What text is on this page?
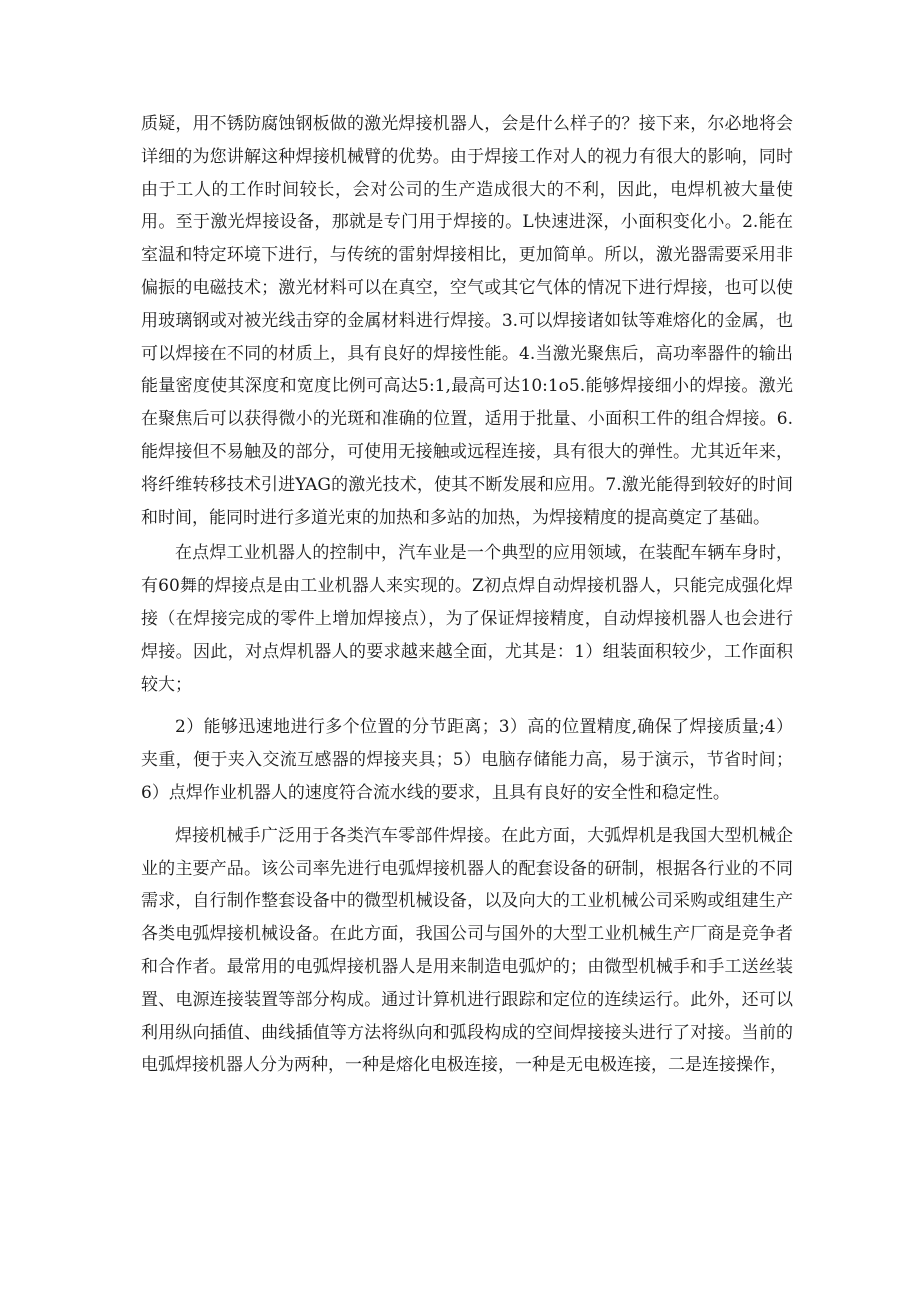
质疑，用不锈防腐蚀钢板做的激光焊接机器人，会是什么样子的？接下来，尔必地将会详细的为您讲解这种焊接机械臂的优势。由于焊接工作对人的视力有很大的影响，同时由于工人的工作时间较长，会对公司的生产造成很大的不利，因此，电焊机被大量使用。至于激光焊接设备，那就是专门用于焊接的。L快速进深，小面积变化小。2.能在室温和特定环境下进行，与传统的雷射焊接相比，更加简单。所以，激光器需要采用非偏振的电磁技术；激光材料可以在真空，空气或其它气体的情况下进行焊接，也可以使用玻璃钢或对被光线击穿的金属材料进行焊接。3.可以焊接诸如钛等难熔化的金属，也可以焊接在不同的材质上，具有良好的焊接性能。4.当激光聚焦后，高功率器件的输出能量密度使其深度和宽度比例可高达5:1,最高可达10:1o5.能够焊接细小的焊接。激光在聚焦后可以获得微小的光斑和准确的位置，适用于批量、小面积工件的组合焊接。6.能焊接但不易触及的部分，可使用无接触或远程连接，具有很大的弹性。尤其近年来，将纤维转移技术引进YAG的激光技术，使其不断发展和应用。7.激光能得到较好的时间和时间，能同时进行多道光束的加热和多站的加热，为焊接精度的提高奠定了基础。

在点焊工业机器人的控制中，汽车业是一个典型的应用领域，在装配车辆车身时，有60舞的焊接点是由工业机器人来实现的。Z初点焊自动焊接机器人，只能完成强化焊接（在焊接完成的零件上增加焊接点），为了保证焊接精度，自动焊接机器人也会进行焊接。因此，对点焊机器人的要求越来越全面，尤其是：1）组装面积较少，工作面积较大；

2）能够迅速地进行多个位置的分节距离；3）高的位置精度,确保了焊接质量;4）夹重，便于夹入交流互感器的焊接夹具；5）电脑存储能力高，易于演示，节省时间；6）点焊作业机器人的速度符合流水线的要求，且具有良好的安全性和稳定性。

焊接机械手广泛用于各类汽车零部件焊接。在此方面，大弧焊机是我国大型机械企业的主要产品。该公司率先进行电弧焊接机器人的配套设备的研制，根据各行业的不同需求，自行制作整套设备中的微型机械设备，以及向大的工业机械公司采购或组建生产各类电弧焊接机械设备。在此方面，我国公司与国外的大型工业机械生产厂商是竞争者和合作者。最常用的电弧焊接机器人是用来制造电弧炉的；由微型机械手和手工送丝装置、电源连接装置等部分构成。通过计算机进行跟踪和定位的连续运行。此外，还可以利用纵向插值、曲线插值等方法将纵向和弧段构成的空间焊接接头进行了对接。当前的电弧焊接机器人分为两种，一种是熔化电极连接，一种是无电极连接，二是连接操作，
